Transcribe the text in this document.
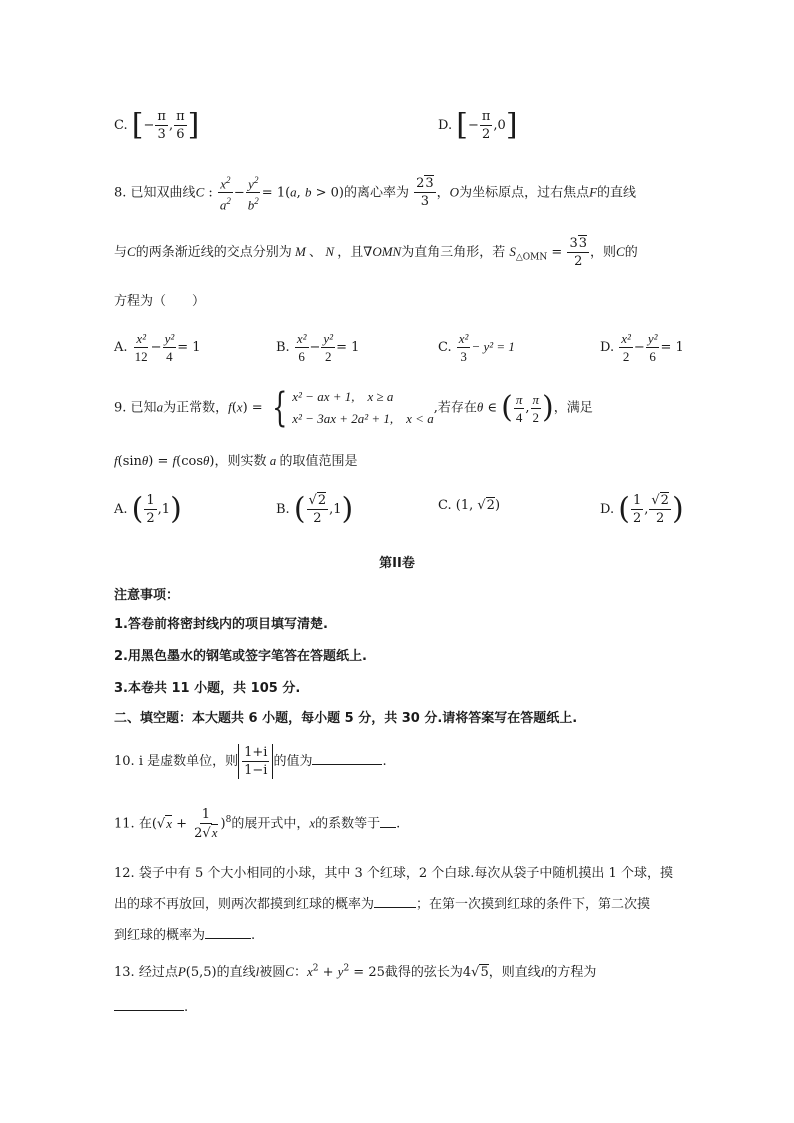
C. [− $\frac{\pi}{3}$ , $\frac{\pi}{6}$ ]	D. [− $\frac{\pi}{2} ,0$]
8. 已知双曲线C : $\frac{x^2}{a^2} - \frac{y^2}{b^2} = 1(a$, b > 0)的离心率为 $\frac{23}{3}$ ，O为坐标原点，过右焦点F的直线
与C的两条渐近线的交点分别为 M 、 N ，且∇OMN为直角三角形，若 $S_{\triangle OMN} = \frac{33}{2}$ ，则C的
方程为（　　）
A. $\frac{\text{x²}}{12} - \frac{\text{y²}}{4} = 1$	B. $\frac{\text{x²}}{6} - \frac{\text{y²}}{2} = 1$	C. $\frac{\text{x²}}{3} - y^2 = 1$	D. $\frac{\text{x²}}{2} - \frac{\text{y²}}{6} = 1$
9. 已知a为正常数，f(x) = { x² − ax + 1,　x ≥ a
x² − 3ax + 2a² + 1,　x < a
,若存在θ ∈ ( $\frac{\pi}{4}$ , $\frac{\pi}{2}$ )，满足
f(sinθ) = f(cosθ)，则实数 a 的取值范围是
A. ( $\frac{1}{2} ,1$)	B. ( $\frac{√2}{2} ,1$)	C. (1, √2)	D. ( $\frac{1}{2}$ , $\frac{√2}{2}$ )
第II卷
注意事项：
1.答卷前将密封线内的项目填写清楚.
2.用黑色墨水的钢笔或签字笔答在答题纸上.
3.本卷共 11 小题，共 105 分.
二、填空题：本大题共 6 小题，每小题 5 分，共 30 分.请将答案写在答题纸上.
10. i 是虚数单位，则 $\frac{1+i}{1-i}$ 的值为	.
11. 在$(√x + \frac{1}{2√x} )^8$的展开式中，x的系数等于 .
12. 袋子中有 5 个大小相同的小球，其中 3 个红球，2 个白球.每次从袋子中随机摸出 1 个球，摸
出的球不再放回，则两次都摸到红球的概率为	；在第一次摸到红球的条件下，第二次摸
到红球的概率为	.
13. 经过点P(5,5)的直线l被圆C：$x^2 + y^2 = 25$截得的弦长为4√5，则直线l的方程为
.
